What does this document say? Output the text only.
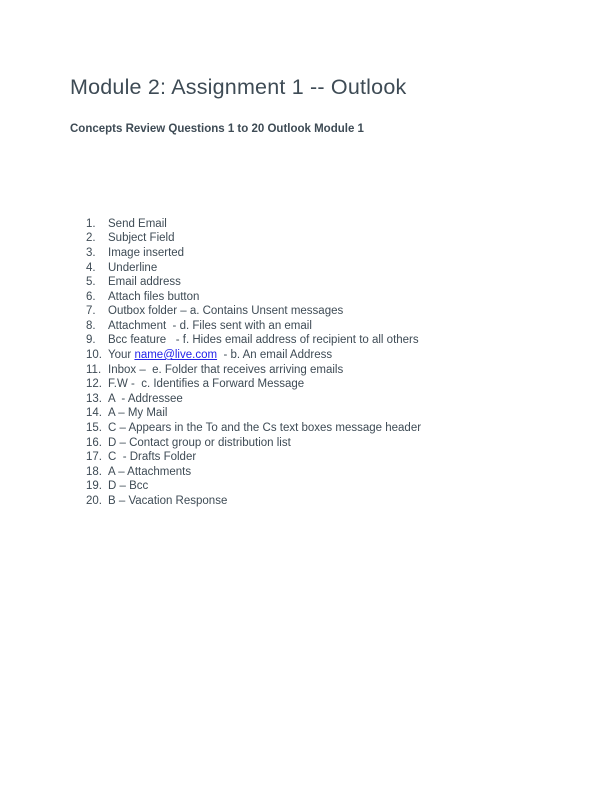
Module 2: Assignment 1 -- Outlook
Concepts Review Questions 1 to 20 Outlook Module 1
1.	Send Email
2.	Subject Field
3.	Image inserted
4.	Underline
5.	Email address
6.	Attach files button
7.	Outbox folder – a. Contains Unsent messages
8.	Attachment  - d. Files sent with an email
9.	Bcc feature   - f. Hides email address of recipient to all others
10. Your name@live.com  - b. An email Address
11. Inbox –  e. Folder that receives arriving emails
12. F.W -  c. Identifies a Forward Message
13. A  - Addressee
14. A – My Mail
15. C – Appears in the To and the Cs text boxes message header
16. D – Contact group or distribution list
17. C  - Drafts Folder
18. A – Attachments
19. D – Bcc
20. B – Vacation Response
